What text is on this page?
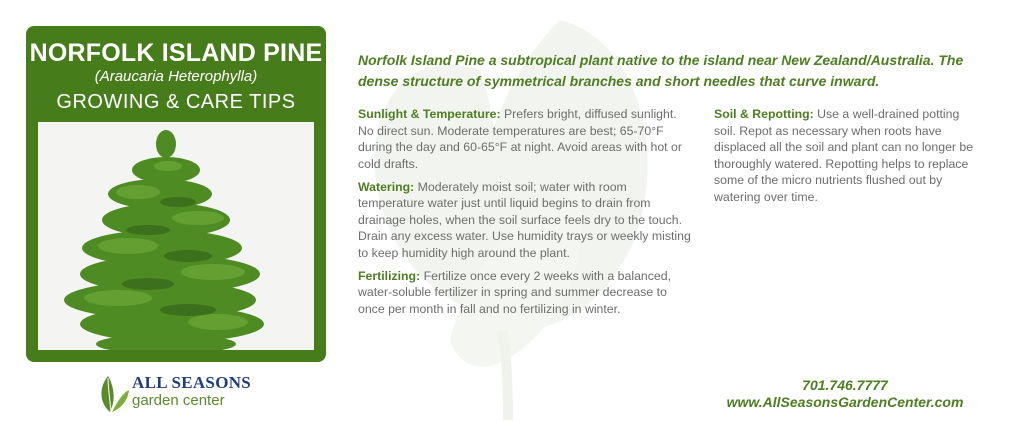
NORFOLK ISLAND PINE
(Araucaria Heterophylla)
GROWING & CARE TIPS
ALL SEASONS
garden center

Norfolk Island Pine a subtropical plant native to the island near New Zealand/Australia. The dense structure of symmetrical branches and short needles that curve inward.

Sunlight & Temperature: Prefers bright, diffused sunlight. No direct sun. Moderate temperatures are best; 65-70°F during the day and 60-65°F at night. Avoid areas with hot or cold drafts.

Watering: Moderately moist soil; water with room temperature water just until liquid begins to drain from drainage holes, when the soil surface feels dry to the touch. Drain any excess water. Use humidity trays or weekly misting to keep humidity high around the plant.

Fertilizing: Fertilize once every 2 weeks with a balanced, water-soluble fertilizer in spring and summer decrease to once per month in fall and no fertilizing in winter.

Soil & Repotting: Use a well-drained potting soil. Repot as necessary when roots have displaced all the soil and plant can no longer be thoroughly watered. Repotting helps to replace some of the micro nutrients flushed out by watering over time.

701.746.7777
www.AllSeasonsGardenCenter.com
